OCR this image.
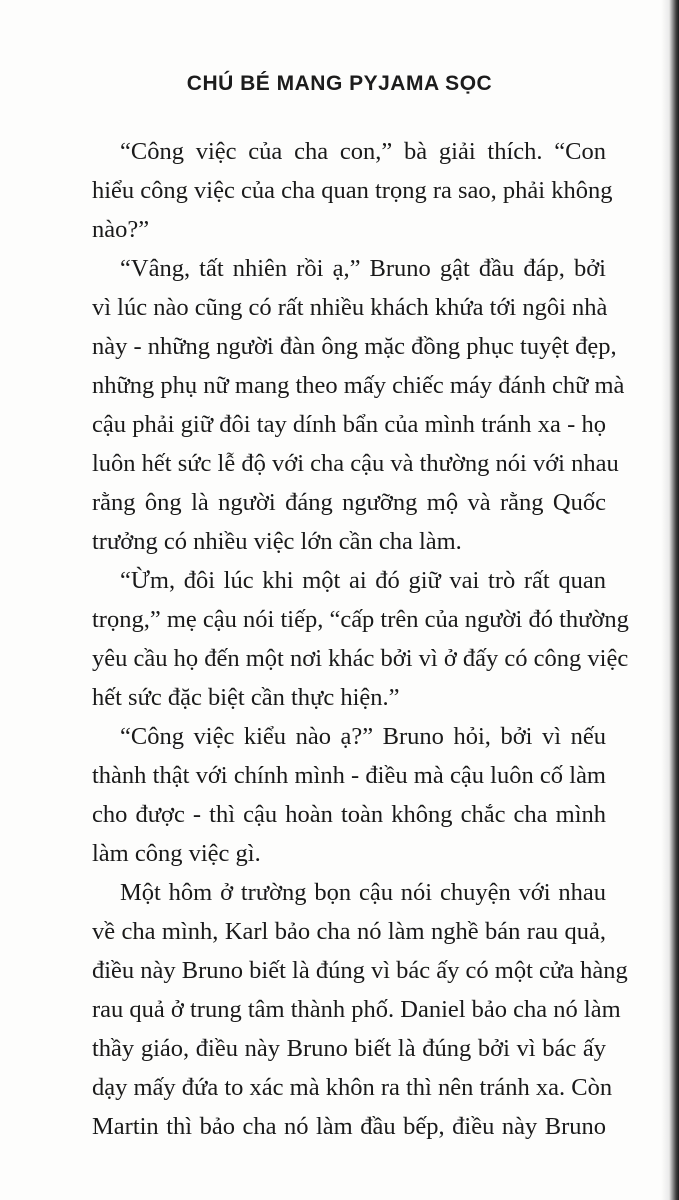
CHÚ BÉ MANG PYJAMA SỌC

“Công việc của cha con,” bà giải thích. “Con

hiểu công việc của cha quan trọng ra sao, phải không

nào?”

“Vâng, tất nhiên rồi ạ,” Bruno gật đầu đáp, bởi

vì lúc nào cũng có rất nhiều khách khứa tới ngôi nhà

này - những người đàn ông mặc đồng phục tuyệt đẹp,

những phụ nữ mang theo mấy chiếc máy đánh chữ mà

cậu phải giữ đôi tay dính bẩn của mình tránh xa - họ

luôn hết sức lễ độ với cha cậu và thường nói với nhau

rằng ông là người đáng ngưỡng mộ và rằng Quốc

trưởng có nhiều việc lớn cần cha làm.

“Ừm, đôi lúc khi một ai đó giữ vai trò rất quan

trọng,” mẹ cậu nói tiếp, “cấp trên của người đó thường

yêu cầu họ đến một nơi khác bởi vì ở đấy có công việc

hết sức đặc biệt cần thực hiện.”

“Công việc kiểu nào ạ?” Bruno hỏi, bởi vì nếu

thành thật với chính mình - điều mà cậu luôn cố làm

cho được - thì cậu hoàn toàn không chắc cha mình

làm công việc gì.

Một hôm ở trường bọn cậu nói chuyện với nhau

về cha mình, Karl bảo cha nó làm nghề bán rau quả,

điều này Bruno biết là đúng vì bác ấy có một cửa hàng

rau quả ở trung tâm thành phố. Daniel bảo cha nó làm

thầy giáo, điều này Bruno biết là đúng bởi vì bác ấy

dạy mấy đứa to xác mà khôn ra thì nên tránh xa. Còn

Martin thì bảo cha nó làm đầu bếp, điều này Bruno
